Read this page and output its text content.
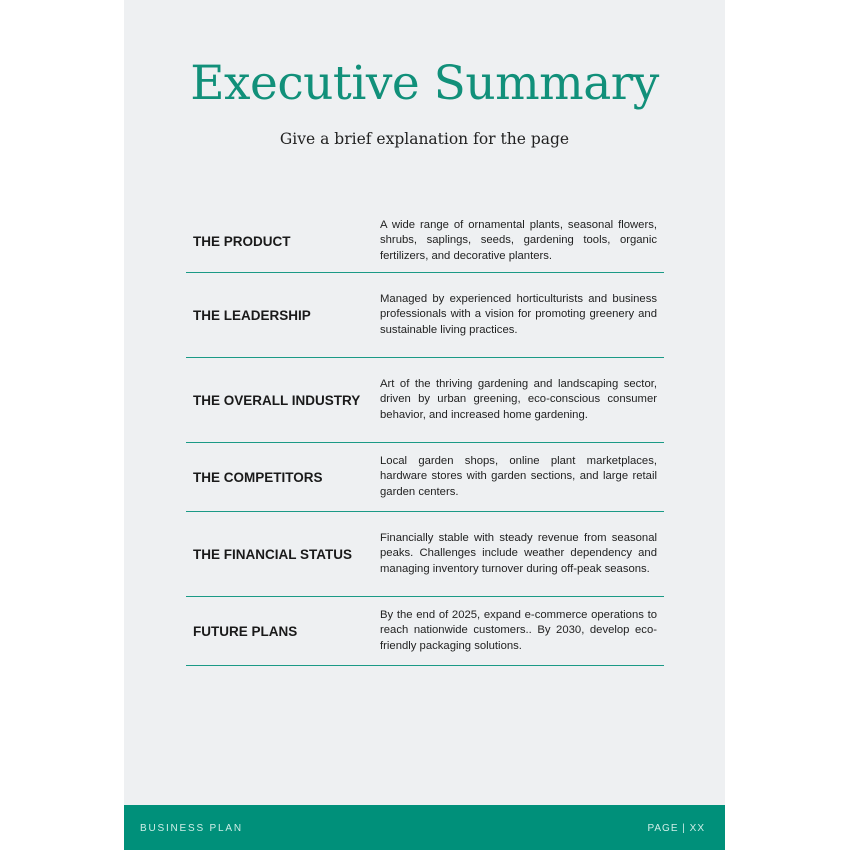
Executive Summary
Give a brief explanation for the page
THE PRODUCT
A wide range of ornamental plants, seasonal flowers, shrubs, saplings, seeds, gardening tools, organic fertilizers, and decorative planters.
THE LEADERSHIP
Managed by experienced horticulturists and business professionals with a vision for promoting greenery and sustainable living practices.
THE OVERALL INDUSTRY
Art of the thriving gardening and landscaping sector, driven by urban greening, eco-conscious consumer behavior, and increased home gardening.
THE COMPETITORS
Local garden shops, online plant marketplaces, hardware stores with garden sections, and large retail garden centers.
THE FINANCIAL STATUS
Financially stable with steady revenue from seasonal peaks. Challenges include weather dependency and managing inventory turnover during off-peak seasons.
FUTURE PLANS
By the end of 2025, expand e-commerce operations to reach nationwide customers.. By 2030, develop eco-friendly packaging solutions.
BUSINESS PLAN	PAGE | XX
